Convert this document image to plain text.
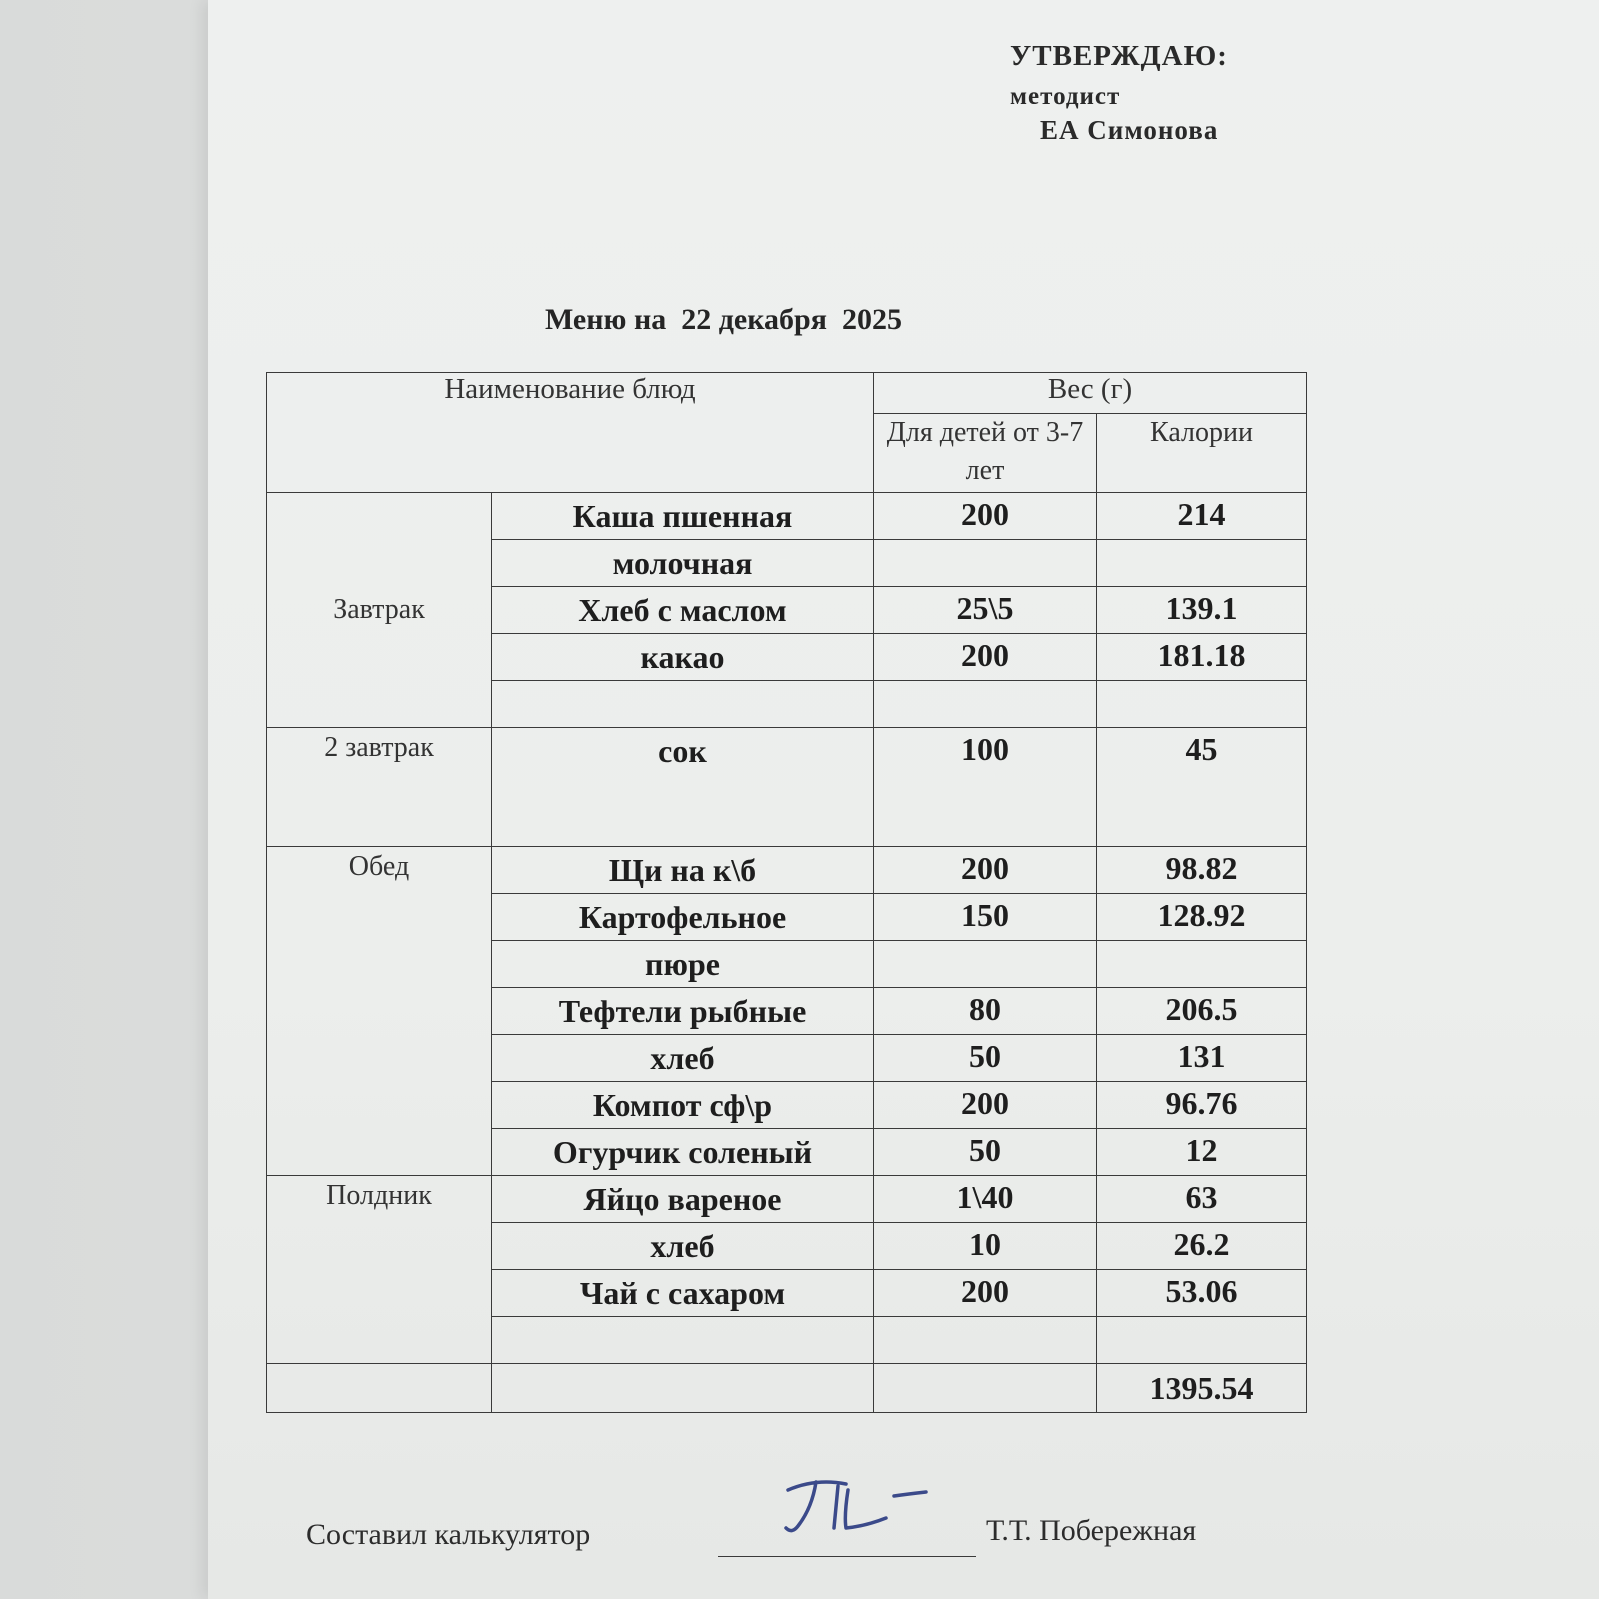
УТВЕРЖДАЮ:
методист
ЕА Симонова
Меню на  22 декабря  2025
Наименование блюд		Вес (г)	
		Для детей от 3-7 лет	Калории
Завтрак	Каша пшенная	200	214
	молочная		
	Хлеб с маслом	25\5	139.1
	какао	200	181.18

2 завтрак	сок	100	45
Обед	Щи на к\б	200	98.82
	Картофельное	150	128.92
	пюре		
	Тефтели рыбные	80	206.5
	хлеб	50	131
	Компот сф\р	200	96.76
	Огурчик соленый	50	12
Полдник	Яйцо вареное	1\40	63
	хлеб	10	26.2
	Чай с сахаром	200	53.06

			1395.54
Составил калькулятор	Т.Т. Побережная
